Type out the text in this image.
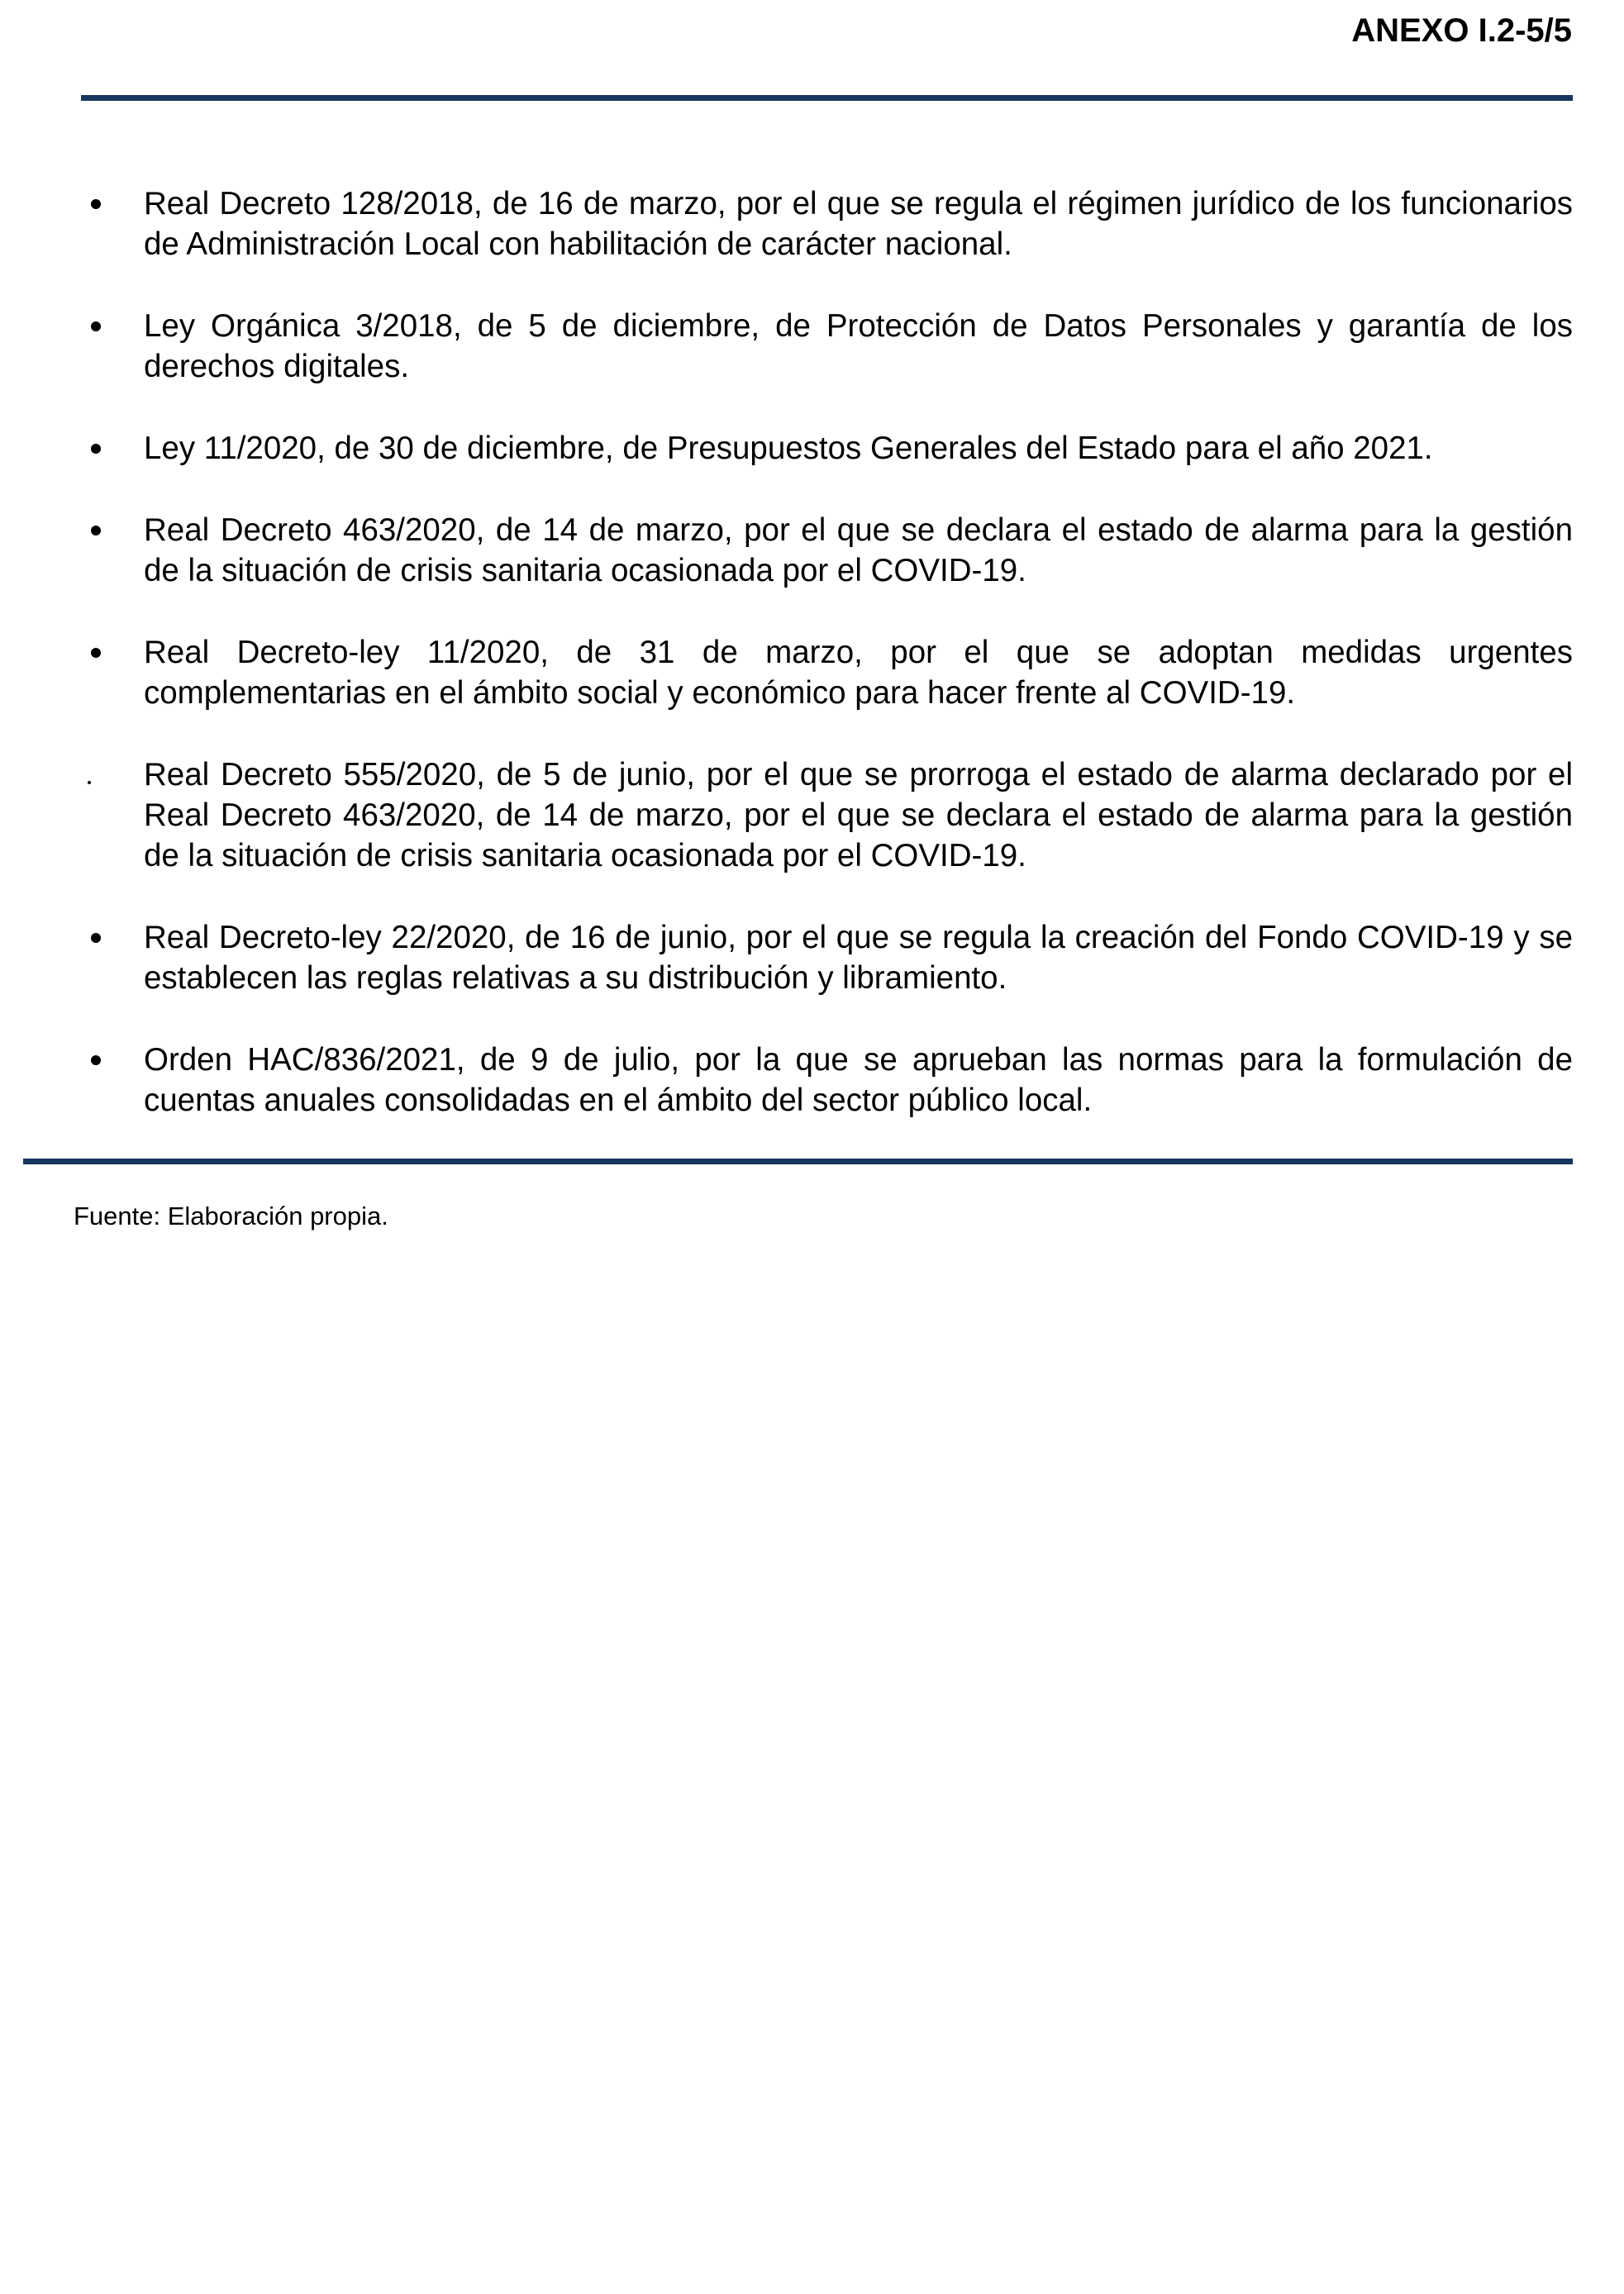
ANEXO I.2-5/5
Real Decreto 128/2018, de 16 de marzo, por el que se regula el régimen jurídico de los funcionarios de Administración Local con habilitación de carácter nacional.
Ley Orgánica 3/2018, de 5 de diciembre, de Protección de Datos Personales y garantía de los derechos digitales.
Ley 11/2020, de 30 de diciembre, de Presupuestos Generales del Estado para el año 2021.
Real Decreto 463/2020, de 14 de marzo, por el que se declara el estado de alarma para la gestión de la situación de crisis sanitaria ocasionada por el COVID-19.
Real Decreto-ley 11/2020, de 31 de marzo, por el que se adoptan medidas urgentes complementarias en el ámbito social y económico para hacer frente al COVID-19.
Real Decreto 555/2020, de 5 de junio, por el que se prorroga el estado de alarma declarado por el Real Decreto 463/2020, de 14 de marzo, por el que se declara el estado de alarma para la gestión de la situación de crisis sanitaria ocasionada por el COVID-19.
Real Decreto-ley 22/2020, de 16 de junio, por el que se regula la creación del Fondo COVID-19 y se establecen las reglas relativas a su distribución y libramiento.
Orden HAC/836/2021, de 9 de julio, por la que se aprueban las normas para la formulación de cuentas anuales consolidadas en el ámbito del sector público local.
Fuente: Elaboración propia.
